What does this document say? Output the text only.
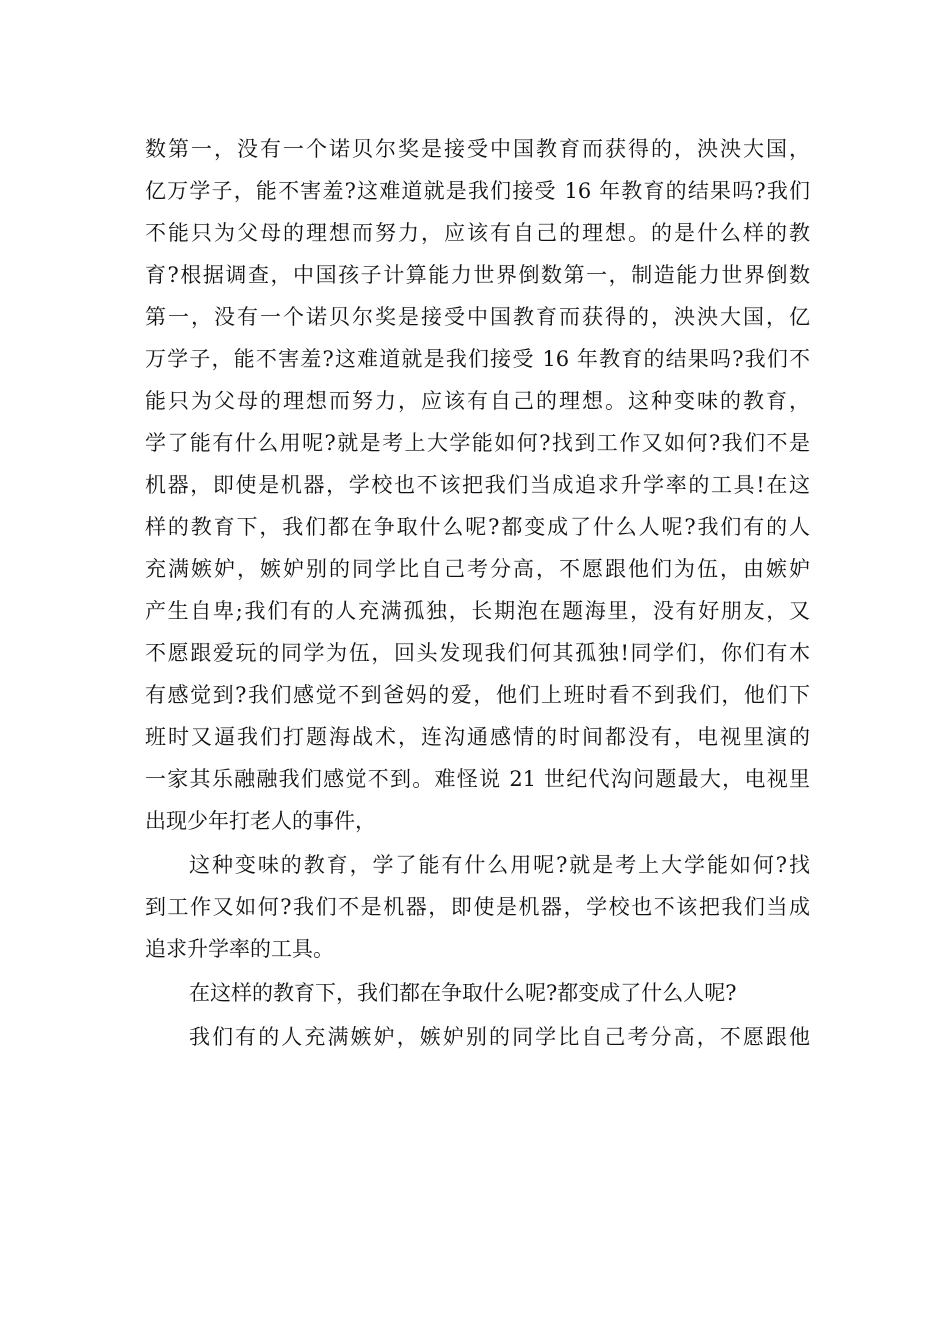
数第一，没有一个诺贝尔奖是接受中国教育而获得的，泱泱大国，
亿万学子，能不害羞?这难道就是我们接受 16 年教育的结果吗?我们
不能只为父母的理想而努力，应该有自己的理想。的是什么样的教
育?根据调查，中国孩子计算能力世界倒数第一，制造能力世界倒数
第一，没有一个诺贝尔奖是接受中国教育而获得的，泱泱大国，亿
万学子，能不害羞?这难道就是我们接受 16 年教育的结果吗?我们不
能只为父母的理想而努力，应该有自己的理想。这种变味的教育，
学了能有什么用呢?就是考上大学能如何?找到工作又如何?我们不是
机器，即使是机器，学校也不该把我们当成追求升学率的工具!在这
样的教育下，我们都在争取什么呢?都变成了什么人呢?我们有的人
充满嫉妒，嫉妒别的同学比自己考分高，不愿跟他们为伍，由嫉妒
产生自卑;我们有的人充满孤独，长期泡在题海里，没有好朋友，又
不愿跟爱玩的同学为伍，回头发现我们何其孤独!同学们，你们有木
有感觉到?我们感觉不到爸妈的爱，他们上班时看不到我们，他们下
班时又逼我们打题海战术，连沟通感情的时间都没有，电视里演的
一家其乐融融我们感觉不到。难怪说 21 世纪代沟问题最大，电视里
出现少年打老人的事件，
这种变味的教育，学了能有什么用呢?就是考上大学能如何?找
到工作又如何?我们不是机器，即使是机器，学校也不该把我们当成
追求升学率的工具。
在这样的教育下，我们都在争取什么呢?都变成了什么人呢?
我们有的人充满嫉妒，嫉妒别的同学比自己考分高，不愿跟他
